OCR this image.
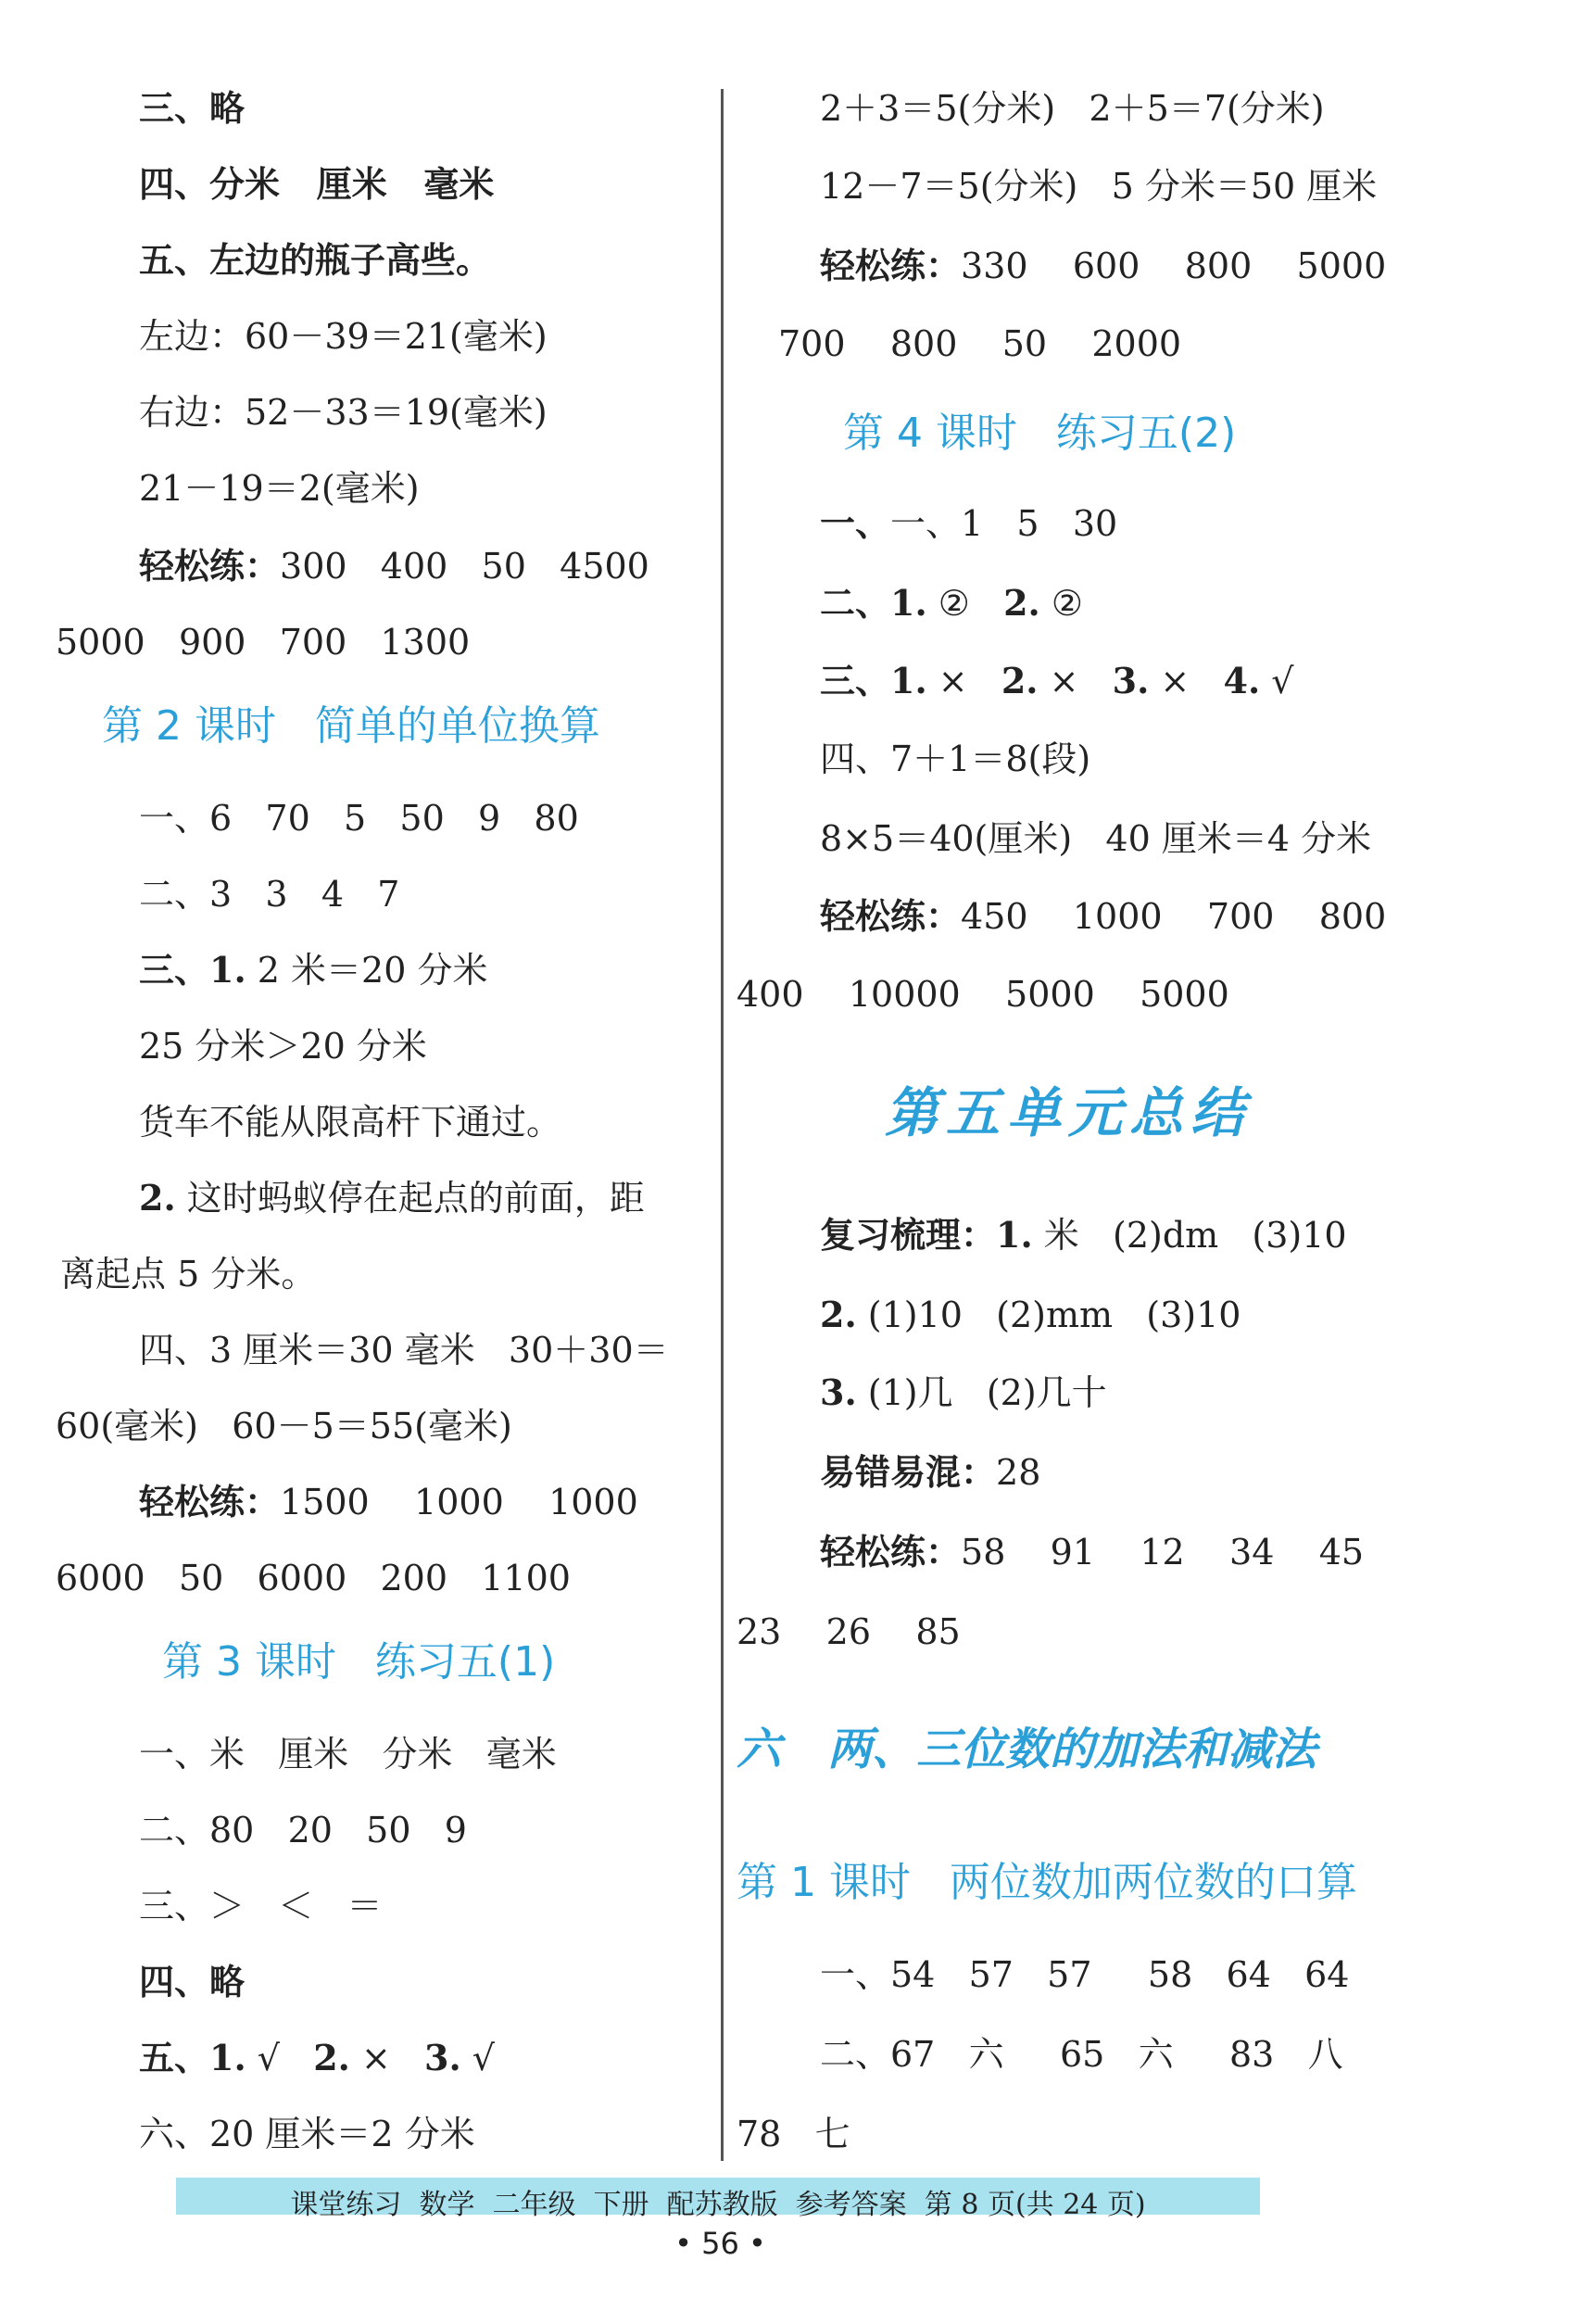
三、略
四、分米   厘米   毫米
五、左边的瓶子高些。
左边：60－39＝21(毫米)
右边：52－33＝19(毫米)
21－19＝2(毫米)
轻松练：300   400   50   4500
5000   900   700   1300
第 2 课时   简单的单位换算
一、6   70   5   50   9   80
二、3   3   4   7
三、1. 2 米＝20 分米
25 分米＞20 分米
货车不能从限高杆下通过。
2. 这时蚂蚁停在起点的前面，距
离起点 5 分米。
四、3 厘米＝30 毫米   30＋30＝
60(毫米)   60－5＝55(毫米)
轻松练：1500    1000    1000
6000   50   6000   200   1100
第 3 课时   练习五(1)
一、米   厘米   分米   毫米
二、80   20   50   9
三、＞   ＜   ＝
四、略
五、1. √   2. ×   3. √
六、20 厘米＝2 分米
2＋3＝5(分米)   2＋5＝7(分米)
12－7＝5(分米)   5 分米＝50 厘米
轻松练：330    600    800    5000
700    800    50    2000
第 4 课时   练习五(2)
一、一、1   5   30
二、1. ②   2. ②
三、1. ×   2. ×   3. ×   4. √
四、7＋1＝8(段)
8×5＝40(厘米)   40 厘米＝4 分米
轻松练：450    1000    700    800
400    10000    5000    5000
第五单元总结
复习梳理：1. 米   (2)dm   (3)10
2. (1)10   (2)mm   (3)10
3. (1)几   (2)几十
易错易混：28
轻松练：58    91    12    34    45
23    26    85
六   两、三位数的加法和减法
第 1 课时   两位数加两位数的口算
一、54   57   57     58   64   64
二、67   六     65   六     83   八
78   七
课堂练习  数学  二年级  下册  配苏教版  参考答案  第 8 页(共 24 页)
• 56 •
